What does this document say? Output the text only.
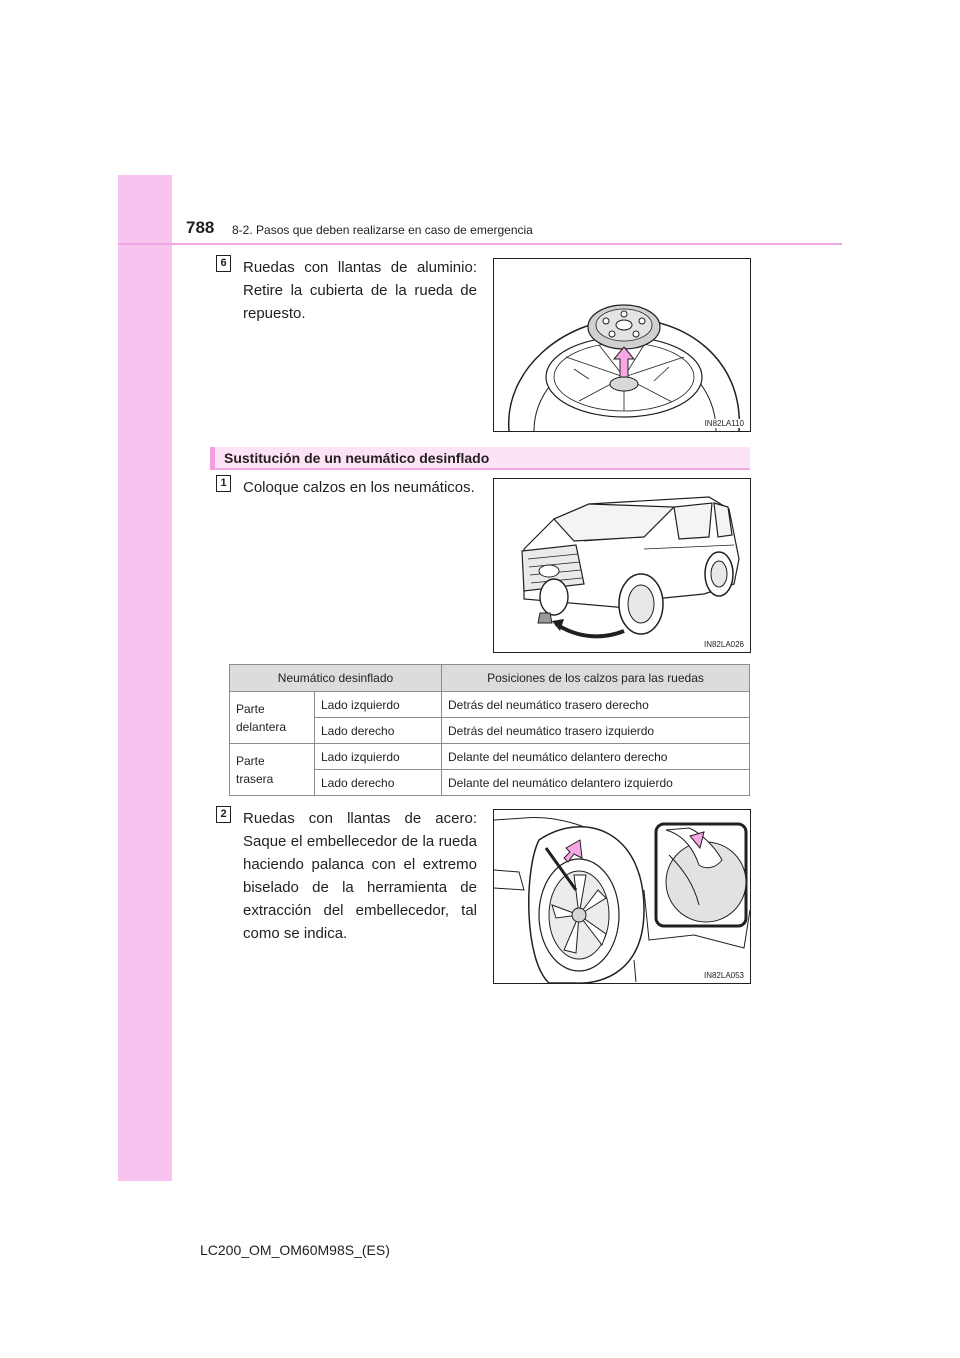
788 8-2. Pasos que deben realizarse en caso de emergencia
6 Ruedas con llantas de aluminio: Retire la cubierta de la rueda de repuesto.
IN82LA110
Sustitución de un neumático desinflado
1 Coloque calzos en los neumáticos.
IN82LA026
Neumático desinflado		Posiciones de los calzos para las ruedas
Parte
delantera	Lado izquierdo	Detrás del neumático trasero derecho
	Lado derecho	Detrás del neumático trasero izquierdo
Parte
trasera	Lado izquierdo	Delante del neumático delantero derecho
	Lado derecho	Delante del neumático delantero izquierdo
2 Ruedas con llantas de acero: Saque el embellecedor de la rueda haciendo palanca con el extremo biselado de la herramienta de extracción del embellecedor, tal como se indica.
IN82LA053
LC200_OM_OM60M98S_(ES)
